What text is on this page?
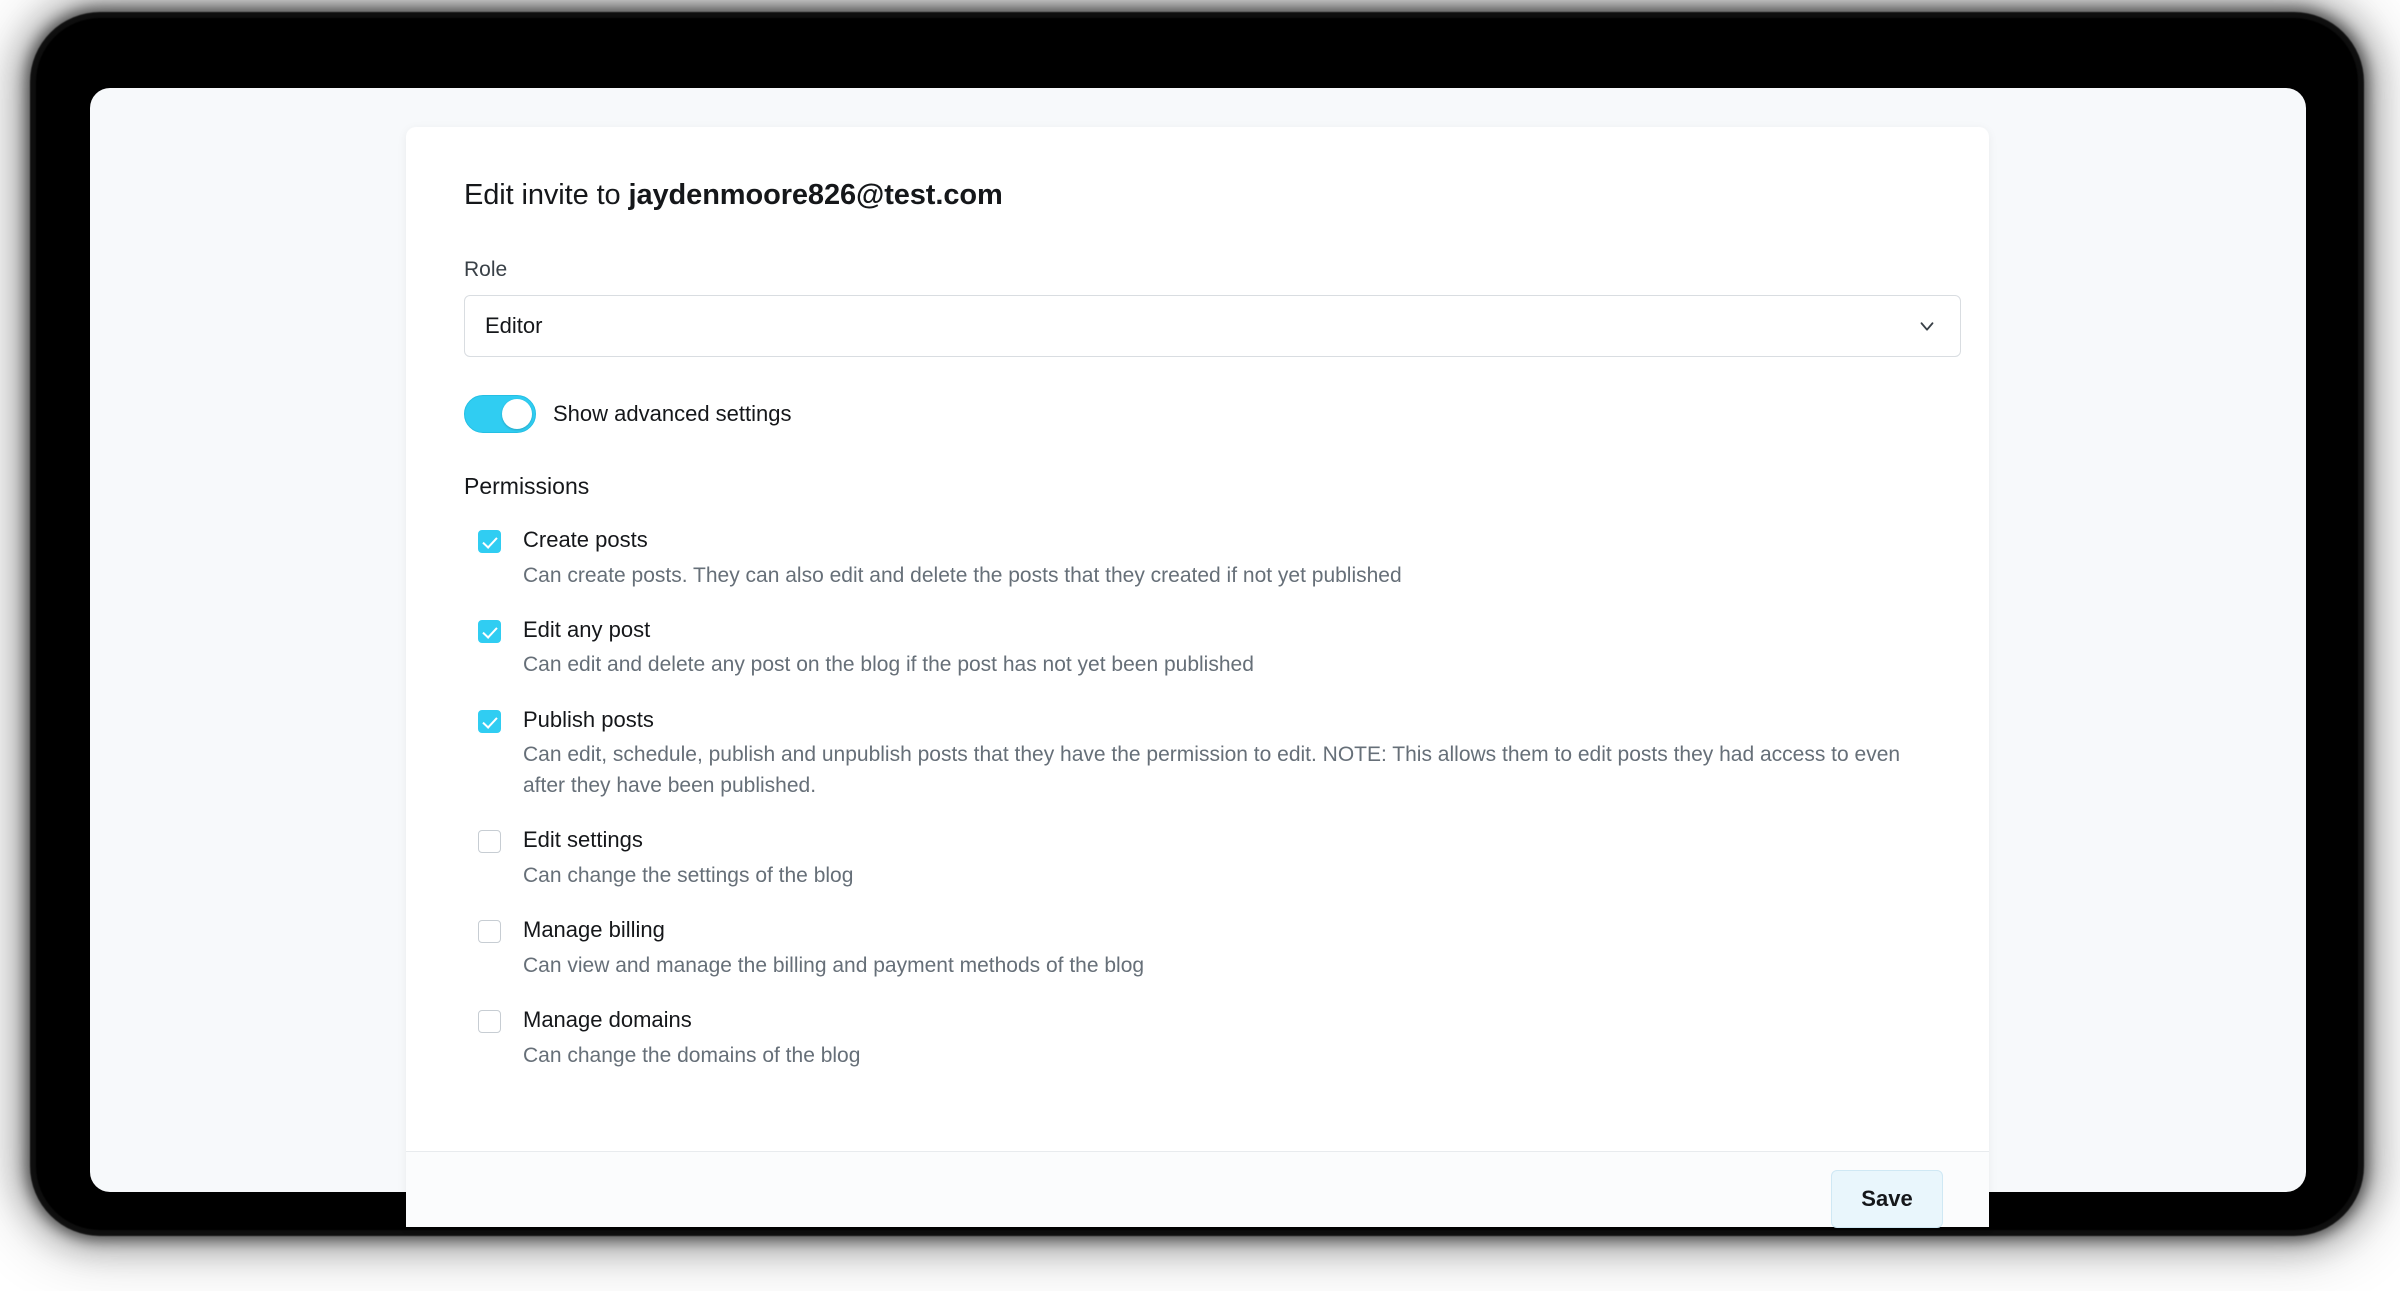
Edit invite to jaydenmoore826@test.com
Role
Editor
Show advanced settings
Permissions
Create posts
Can create posts. They can also edit and delete the posts that they created if not yet published
Edit any post
Can edit and delete any post on the blog if the post has not yet been published
Publish posts
Can edit, schedule, publish and unpublish posts that they have the permission to edit. NOTE: This allows them to edit posts they had access to even after they have been published.
Edit settings
Can change the settings of the blog
Manage billing
Can view and manage the billing and payment methods of the blog
Manage domains
Can change the domains of the blog
Save
